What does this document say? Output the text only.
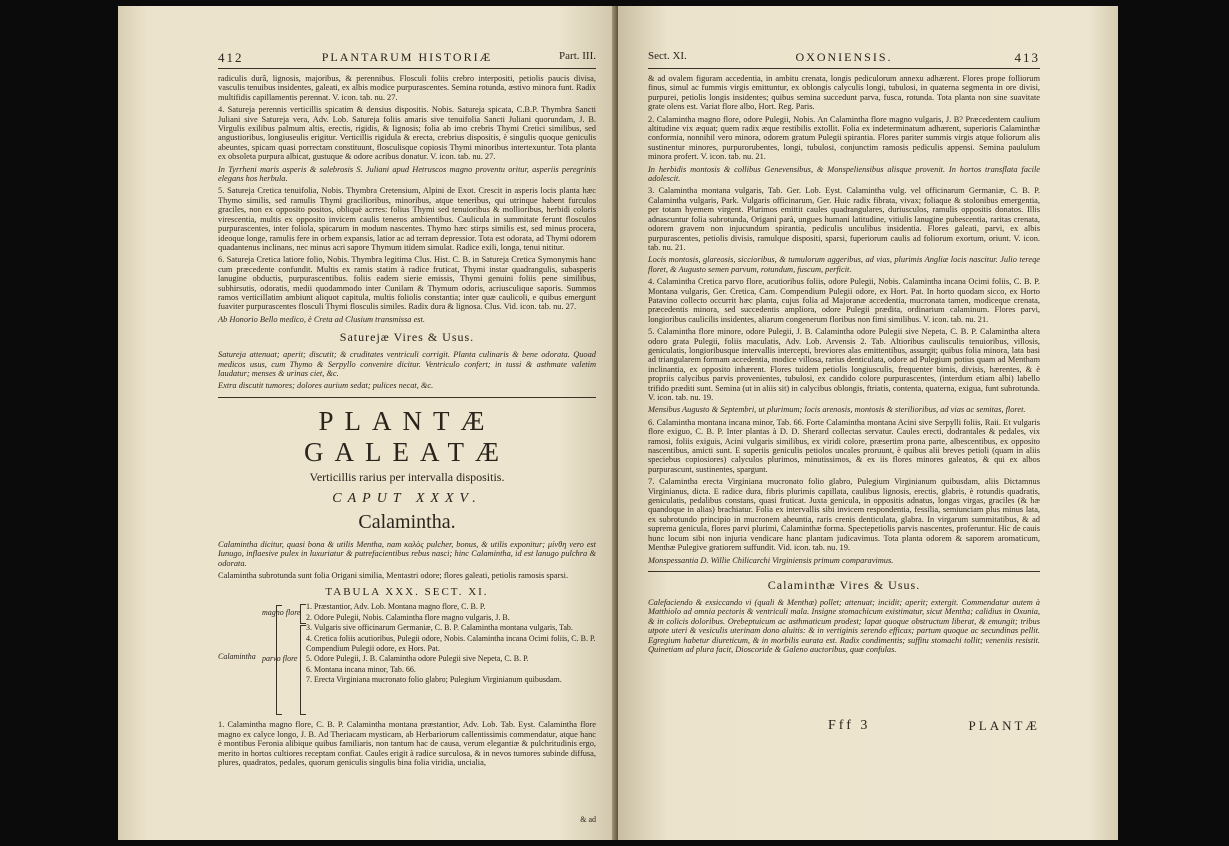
412	PLANTARUM HISTORIÆ	Part. III.

radiculis durâ, lignosis, majoribus, & perennibus. Flosculi foliis crebro interpositi, petiolis paucis divisa, vasculis tenuibus insidentes, galeati, ex albis modice purpurascentes. Semina rotunda, æstivo minora funt. Radix multifidis capillamentis perennat. V. icon. tab. nu. 27.

4. Satureja perennis verticillis spicatim & densius dispositis. Nobis. Satureja spicata, C.B.P. Thymbra Sancti Juliani sive Satureja vera, Adv. Lob. Satureja foliis amaris sive tenuifolia Sancti Juliani quorundam, J. B. Virgulis exilibus palmum altis, erectis, rigidis, & lignosis; folia ab imo crebris Thymi Cretici similibus, sed angustioribus, longiuseulis erigitur. Verticillis rigidula & erecta, crebrius dispositis, è singulis quoque geniculis abeuntes, spicam quasi porrectam constituunt, flosculisque copiosis Thymi minoribus intertexuntur. Tota planta ex obsoleta purpura albicat, gustuque & odore acribus donatur. V. icon. tab. nu. 27.

In Tyrrheni maris asperis & salebrosis S. Juliani apud Hetruscos magno proventu oritur, asperiis peregrinis elegans hos herbula.

5. Satureja Cretica tenuifolia, Nobis. Thymbra Cretensium, Alpini de Exot. Crescit in asperis locis planta hæc Thymo similis, sed ramulis Thymi gracilioribus, minoribus, atque teneribus, qui utrinque habent furculos graciles, non ex opposito positos, obliquè acrres: folius Thymi sed tenuioribus & mollioribus, herbidi coloris virescentia, multis ex opposito invicem caulis teneros ambientibus. Caulicula in summitate ferunt flosculos purpurascentes, inter foliola, spicarum in modum nascentes. Thymo hæc stirps similis est, sed minus procera, ideoque longe, ramulis fere in orbem expansis, latior ac ad terram depressior. Tota est odorata, ad Thymi odorem quadantenus inclinans, nec minus acri sapore Thymum itidem simulat. Radice exili, longa, tenui nititur.

6. Satureja Cretica latiore folio, Nobis. Thymbra legitima Clus. Hist. C. B. in Satureja Cretica Symonymis hanc cum præcedente confundit. Multis ex ramis statim à radice fruticat, Thymi instar quadrangulis, subasperis lanugine obductis, purpurascentibus. foliis eadem sierie emissis, Thymi genuini foliis pene similibus, subhirsutis, odoratis, medii quodammodo inter Cunilam & Thymum odoris, acriusculique saporis. Summos ramos verticillatim ambiunt aliquot capitula, multis foliolis constantia; inter quæ caulicoli, e quibus emergunt fuaviter purpurascentes flosculi Thymi flosculis similes. Radix dura & lignosa. Clus. Vid. icon. tab. nu. 27.

Ab Honorio Bello medico, è Creta ad Clusium transmissa est.

Saturejæ Vires & Usus.

Satureja attenuat; aperit; discutit; & cruditates ventriculi corrigit. Planta culinaris & bene odorata. Quoad medicos usus, cum Thymo & Serpyllo convenire dicitur. Ventriculo confert; in tussi & asthmate valetim laudatur; menses & urinas ciet, &c.

Extra discutit tumores; dolores aurium sedat; pulices necat, &c.

PLANTÆ GALEATÆ
Verticillis rarius per intervalla dispositis.
CAPUT XXXV.
Calamintha.

Calamintha dicitur, quasi bona & utilis Mentha, nam καλòς pulcher, bonus, & utilis exponitur; μίνθη vero est Iunugo, inflaesive pulex in luxuriatur & putrefacientibus rebus nasci; hinc Calamintha, id est lanugo pulchra & odorata.

Calamintha subrotunda sunt folia Origani similia, Mentastri odore; flores galeati, petiolis ramosis sparsi.

TABULA XXX. SECT. XI.
Calamintha
magno flore
parvo flore
1. Præstantior, Adv. Lob. Montana magno flore, C. B. P.
2. Odore Pulegii, Nobis. Calamintha flore magno vulgaris, J. B.
3. Vulgaris sive officinarum Germaniæ, C. B. P. Calamintha montana vulgaris, Tab.
4. Cretica foliis acutioribus, Pulegii odore, Nobis. Calamintha incana Ocimi foliis, C. B. P. Compendium Pulegii odore, ex Hors. Pat.
5. Odore Pulegii, J. B. Calamintha odore Pulegii sive Nepeta, C. B. P.
6. Montana incana minor, Tab. 66.
7. Erecta Virginiana mucronato folio glabro; Pulegium Virginianum quibusdam.

1. Calamintha magno flore, C. B. P. Calamintha montana præstantior, Adv. Lob. Tab. Eyst. Calamintha flore magno ex calyce longo, J. B. Ad Theriacam mysticam, ab Herbariorum callentissimis commendatur, atque hanc è montibus Feronia alibique quibus familiaris, non tantum hac de causa, verum elegantiæ & pulchritudinis ergo, merito in hortos cultiores receptam confiat. Caules erigit à radice surculosa, & in nevos tumores subinde diffusa, plures, quadratos, pedales, quorum geniculis singulis bina folia viridia, uncialia,

& ad
Sect. XI.	OXONIENSIS.	413

& ad ovalem figuram accedentia, in ambitu crenata, longis pediculorum annexu adhærent. Flores prope folliorum finus, simul ac fummis virgis emittuntur, ex oblongis calyculis longi, tubulosi, in quaterna segmenta in ore divisi, purpurei, petiolis longis insidentes; quibus semina succedunt parva, fusca, rotunda. Tota planta non sine suavitate grate olens est. Variat flore albo, Hort. Reg. Paris.

2. Calamintha magno flore, odore Pulegii, Nobis. An Calamintha flore magno vulgaris, J. B? Præcedentem caulium altitudine vix æquat; quem radix æque restibilis extollit. Folia ex indeterminatum adhærent, superioris Calaminthæ conformia, nonnihil vero minora, odorem gratum Pulegii spirantia. Flores pariter summis virgis atque foliorum alis sustinentur minores, purpurorubentes, longi, tubulosi, conjunctim ramosis pediculis appensi. Semina paululum minora profert. V. icon. tab. nu. 21.

In herbidis montosis & collibus Genevensibus, & Monspeliensibus alisque provenit. In hortos transflata facile adolescit.

3. Calamintha montana vulgaris, Tab. Ger. Lob. Eyst. Calamintha vulg. vel officinarum Germaniæ, C. B. P. Calamintha vulgaris, Park. Vulgaris officinarum, Ger. Huic radix fibrata, vivax; foliaque & stolonibus emergentia, per totam hyemem virgent. Plurimos emittit caules quadrangulares, duriusculos, ramulis oppositis donatos. Illis adnascuntur folia subrotunda, Origani parà, ungues humani latitudine, vitiulis lanugine pubescentia, raritas crenata, odorem gravem non injucundum spirantia, pediculis unculibus insidentia. Flores galeati, parvi, ex albis purpurascentes, petiolis divisis, ramulque dispositi, sparsi, fuperiorum caulis ad foliorum exortum, oriunt. V. icon. tab. nu. 21.

Locis montosis, glareosis, siccioribus, & tumulorum aggeribus, ad vias, plurimis Angliæ locis nascitur. Julio tereqe floret, & Augusto semen parvum, rotundum, fuscum, perficit.

4. Calamintha Cretica parvo flore, acutioribus foliis, odore Pulegii, Nobis. Calamintha incana Ocimi foliis, C. B. P. Montana vulgaris, Ger. Cretica, Cam. Compendium Pulegii odore, ex Hort. Pat. In horto quodam sicco, ex Horto Patavino collecto occurrit hæc planta, cujus folia ad Majoranæ accedentia, mucronata tamen, modiceque crenata, præcedentis minora, sed succedentis ampliora, odore Pulegii prædita, ordinarium calaminum. Flores parvi, longioribus caulicilis insidentes, aliarum congenerum floribus non fimi similibus. V. icon. tab. nu. 21.

5. Calamintha flore minore, odore Pulegii, J. B. Calamintha odore Pulegii sive Nepeta, C. B. P. Calamintha altera odoro grata Pulegii, foliis maculatis, Adv. Lob. Arvensis 2. Tab. Altioribus caulisculis tenuioribus, villosis, geniculatis, longioribusque intervallis intercepti, breviores alas emittentibus, assurgit; quibus folia minora, lata basi ad triangularem formam accedentia, modice villosa, rarius denticulata, odore ad Pulegium potius quam ad Mentham inclinantia, ex opposito inhærent. Flores tuidem petiolis longiusculis, frequenter bimis, divisis, hærentes, & è propriis calycibus parvis provenientes, tubulosi, ex candido colore purpurascentes, (interdum etiam albi) labello trifido præditi sunt. Semina (ut in aliis sit) in calycibus oblongis, ftriatis, contenta, quaterna, exigua, funt subrotunda. V. icon. tab. nu. 19.

Mensibus Augusto & Septembri, ut plurimum; locis arenosis, montosis & sterilioribus, ad vias ac semitas, floret.

6. Calamintha montana incana minor, Tab. 66. Forte Calamintha montana Acini sive Serpylli foliis, Raii. Et vulgaris flore exiguo, C. B. P. Inter plantas à D. D. Sherard collectas servatur. Caules erecti, dodrantales & pedales, vix ramosi, foliis exiguis, Acini vulgaris similibus, ex viridi colore, præsertim prona parte, albescentibus, ex opposito nascentibus, amicti sunt. E superiis geniculis petiolos uncales proruunt, è quibus alii breves petioli (quam in aliis speciebus copiosiores) calyculos plurimos, minutissimos, & ex iis flores minores galeatos, & qui ex albos purpurascunt, sustinentes, spargunt.

7. Calamintha erecta Virginiana mucronato folio glabro, Pulegium Virginianum quibusdam, aliis Dictamnus Virginianus, dicta. E radice dura, fibris plurimis capillata, caulibus lignosis, erectis, glabris, è rotundis quadratis, geniculatis, pedalibus constans, quasi fruticat. Juxta genicula, in oppositis adnatus, longas virgas, graciles (& hæ quandoque in alias) brachiatur. Folia ex intervallis sibi invicem respondentia, fessilia, semiunciam plus minus lata, ex subrotundo principio in mucronem abeuntia, raris crenis denticulata, glabra. In virgarum summitatibus, & ad suprema genicula, flores parvi plurimi, Calaminthæ forma. Spectepetiolis parvis nascentes, proferuntur. Hic de cauis hunc locum sibi non injuria vendicare hanc plantam judicavimus. Tota planta odorem & saporem aromaticum, Menthæ Pulegive gratiorem suffundit. Vid. icon. tab. nu. 19.

Monspessantia D. Willie Chilicarchi Virginiensis primum comparavimus.

Calaminthæ Vires & Usus.

Calefaciendo & exsiccando vi (quali & Menthæ) pollet; attenuat; incidit; aperit; extergit. Commendatur autem à Matthiolo ad omnia pectoris & ventriculi mala. Insigne stomachicum existimatur, sicut Mentha; calidius in Oxunia, & in colicis doloribus. Orebeptuicum ac asthmaticum prodest; lapat quoque obstructum liberat, & emungit; tribus utpote uteri & vesiculis uterinam dono aluitis: & in vertiginis serendo efficax; partum quoque ac secundinas pellit. Egregium habetur diureticum, & in morbilis eurata est. Radix condimentis; suffitu stomachi tollit; veneniis resistit. Quinetiam ad plura facit, Dioscoride & Galeno auctoribus, quæ confulas.

Fff 3	PLANTÆ
